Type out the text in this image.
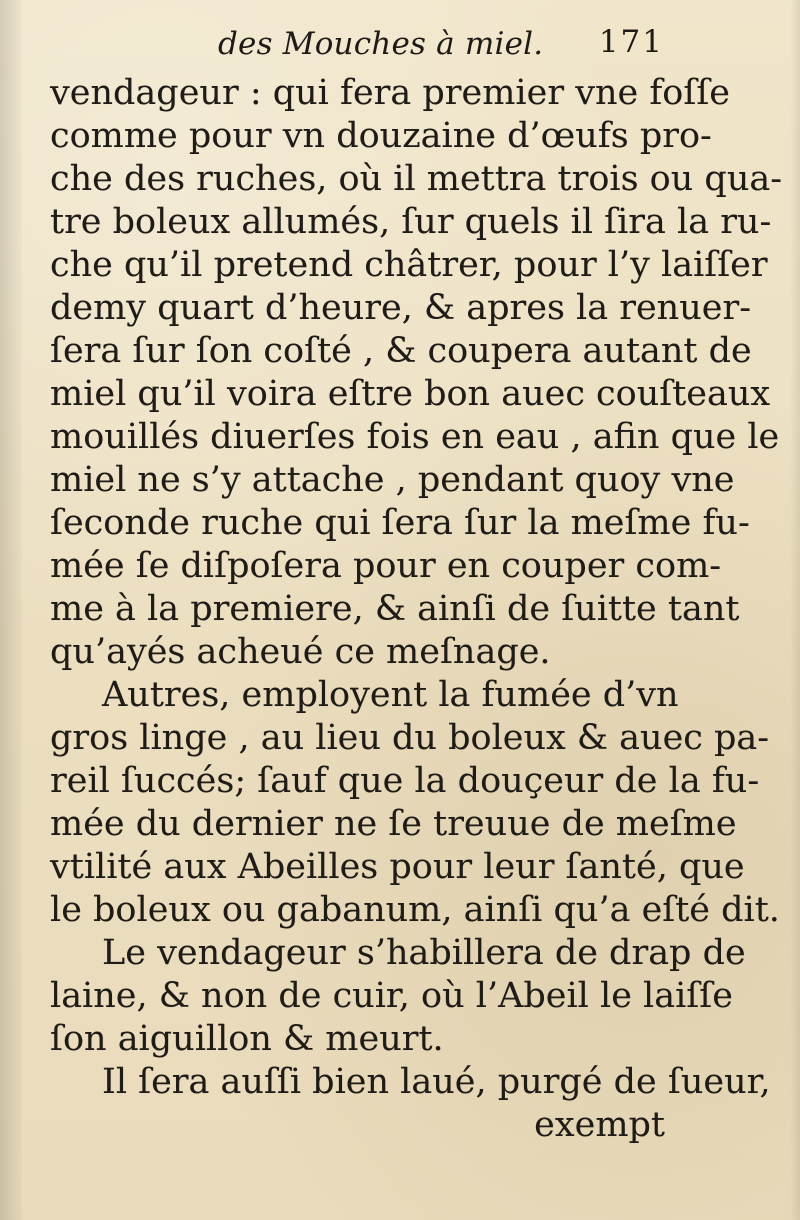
des Mouches à miel. 171
vendageur : qui fera premier vne foſſe
comme pour vn douzaine d’œufs pro-
che des ruches, où il mettra trois ou qua-
tre boleux allumés, ſur quels il ſira la ru-
che qu’il pretend châtrer, pour l’y laiſſer
demy quart d’heure, & apres la renuer-
ſera ſur ſon coſté , & coupera autant de
miel qu’il voira eſtre bon auec couſteaux
mouillés diuerſes fois en eau , afin que le
miel ne s’y attache , pendant quoy vne
ſeconde ruche qui ſera ſur la meſme fu-
mée ſe diſpoſera pour en couper com-
me à la premiere, & ainſi de ſuitte tant
qu’ayés acheué ce meſnage.
Autres, employent la fumée d’vn
gros linge , au lieu du boleux & auec pa-
reil ſuccés; ſauf que la douçeur de la fu-
mée du dernier ne ſe treuue de meſme
vtilité aux Abeilles pour leur ſanté, que
le boleux ou gabanum, ainſi qu’a eſté dit.
Le vendageur s’habillera de drap de
laine, & non de cuir, où l’Abeil le laiſſe
ſon aiguillon & meurt.
Il ſera auſſi bien laué, purgé de ſueur,
exempt
